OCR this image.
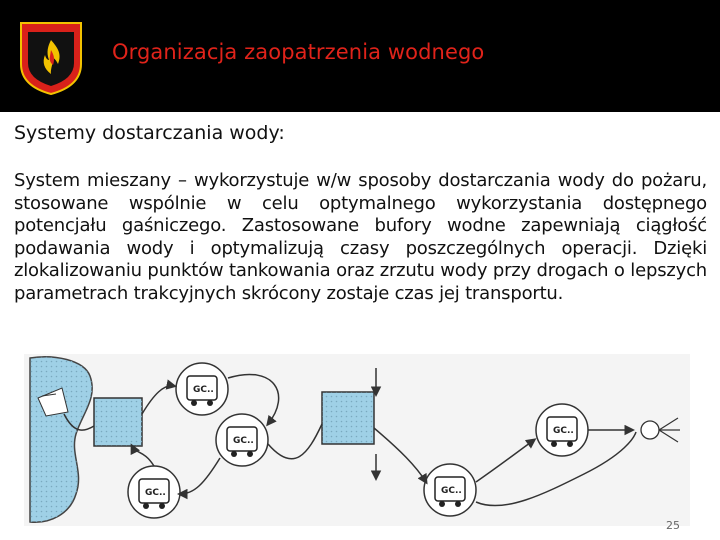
Organizacja zaopatrzenia wodnego
Systemy dostarczania wody:
System mieszany – wykorzystuje w/w sposoby dostarczania wody do pożaru, stosowane wspólnie w celu optymalnego wykorzystania dostępnego potencjału gaśniczego. Zastosowane bufory wodne zapewniają ciągłość podawania wody i optymalizują czasy poszczególnych operacji. Dzięki zlokalizowaniu punktów tankowania oraz zrzutu wody przy drogach o lepszych parametrach trakcyjnych skrócony zostaje czas jej transportu.
GC..
GC..
GC..	GC..
GC..
25
